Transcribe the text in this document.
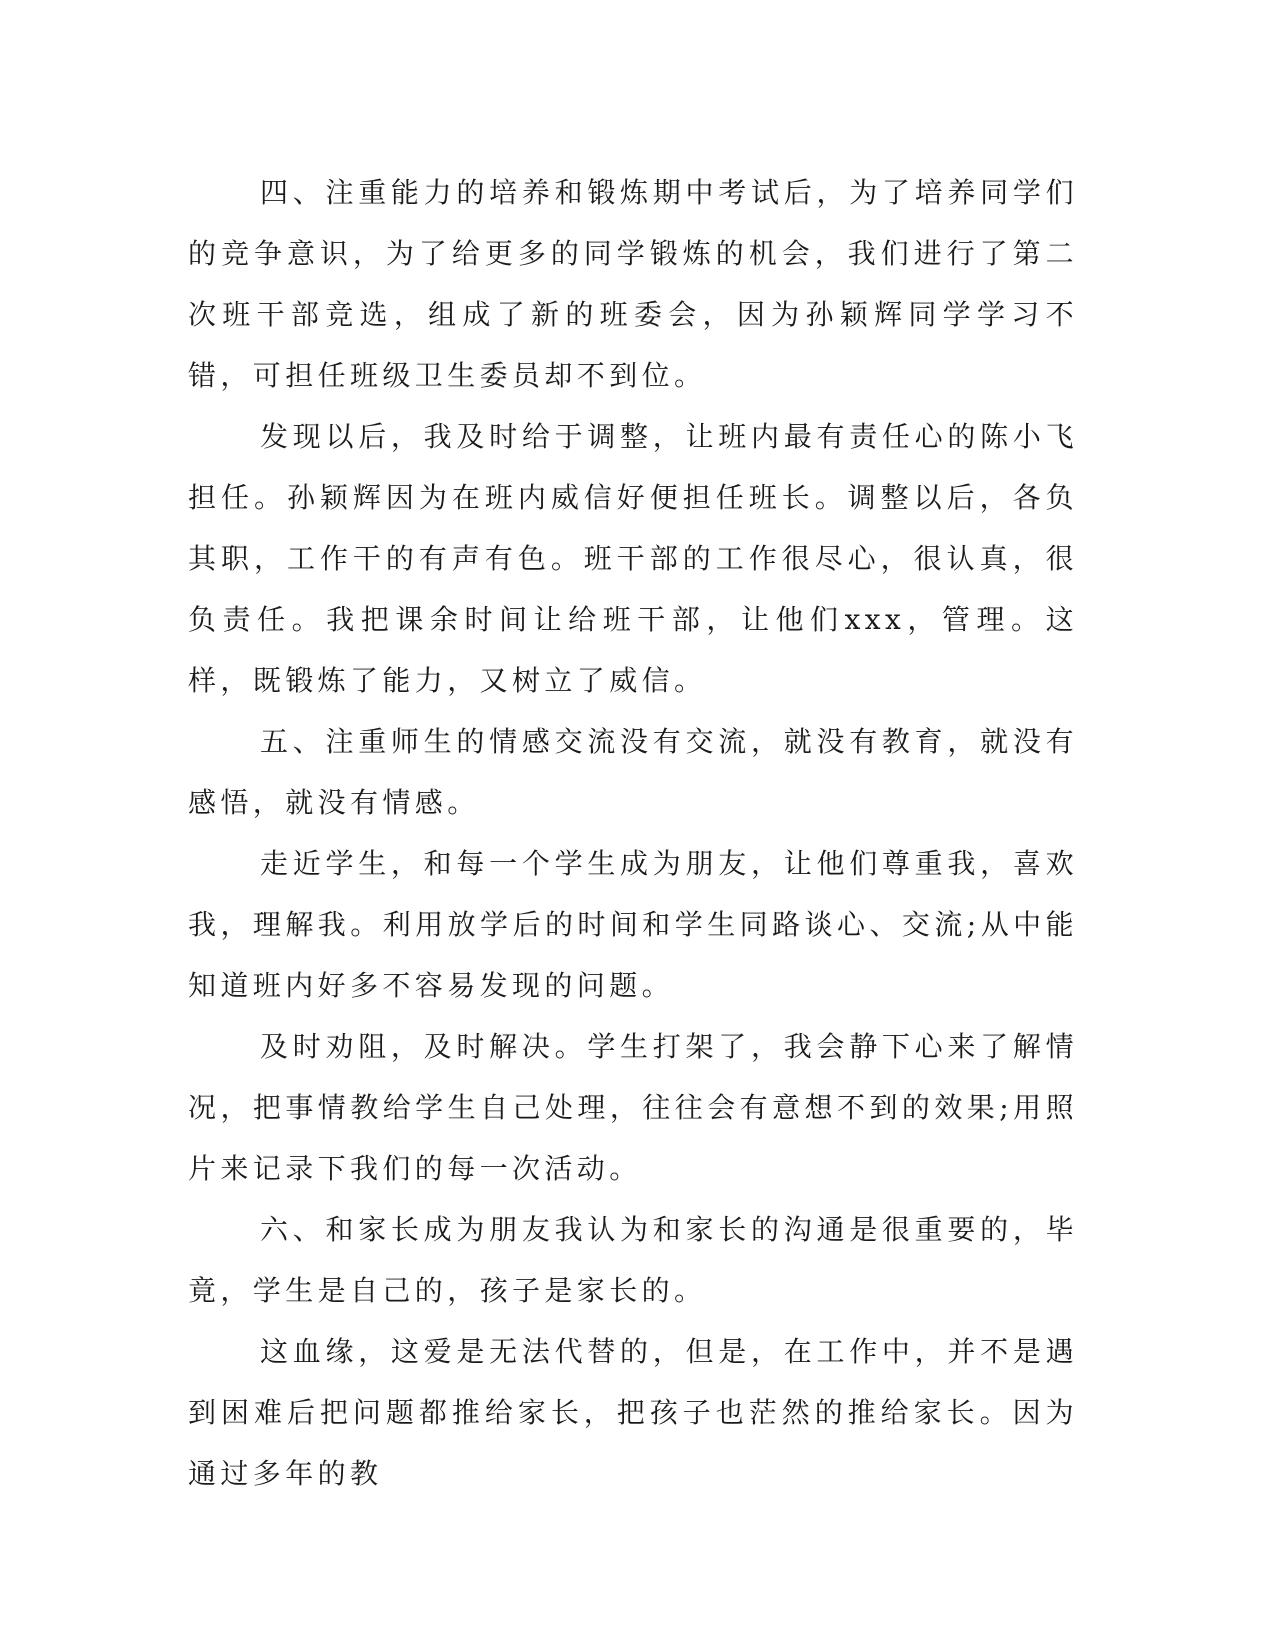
四、注重能力的培养和锻炼期中考试后，为了培养同学们的竞争意识，为了给更多的同学锻炼的机会，我们进行了第二次班干部竞选，组成了新的班委会，因为孙颖辉同学学习不错，可担任班级卫生委员却不到位。

发现以后，我及时给于调整，让班内最有责任心的陈小飞担任。孙颖辉因为在班内威信好便担任班长。调整以后，各负其职，工作干的有声有色。班干部的工作很尽心，很认真，很负责任。我把课余时间让给班干部，让他们xxx，管理。这样，既锻炼了能力，又树立了威信。

五、注重师生的情感交流没有交流，就没有教育，就没有感悟，就没有情感。

走近学生，和每一个学生成为朋友，让他们尊重我，喜欢我，理解我。利用放学后的时间和学生同路谈心、交流;从中能知道班内好多不容易发现的问题。

及时劝阻，及时解决。学生打架了，我会静下心来了解情况，把事情教给学生自己处理，往往会有意想不到的效果;用照片来记录下我们的每一次活动。

六、和家长成为朋友我认为和家长的沟通是很重要的，毕竟，学生是自己的，孩子是家长的。

这血缘，这爱是无法代替的，但是，在工作中，并不是遇到困难后把问题都推给家长，把孩子也茫然的推给家长。因为通过多年的教
